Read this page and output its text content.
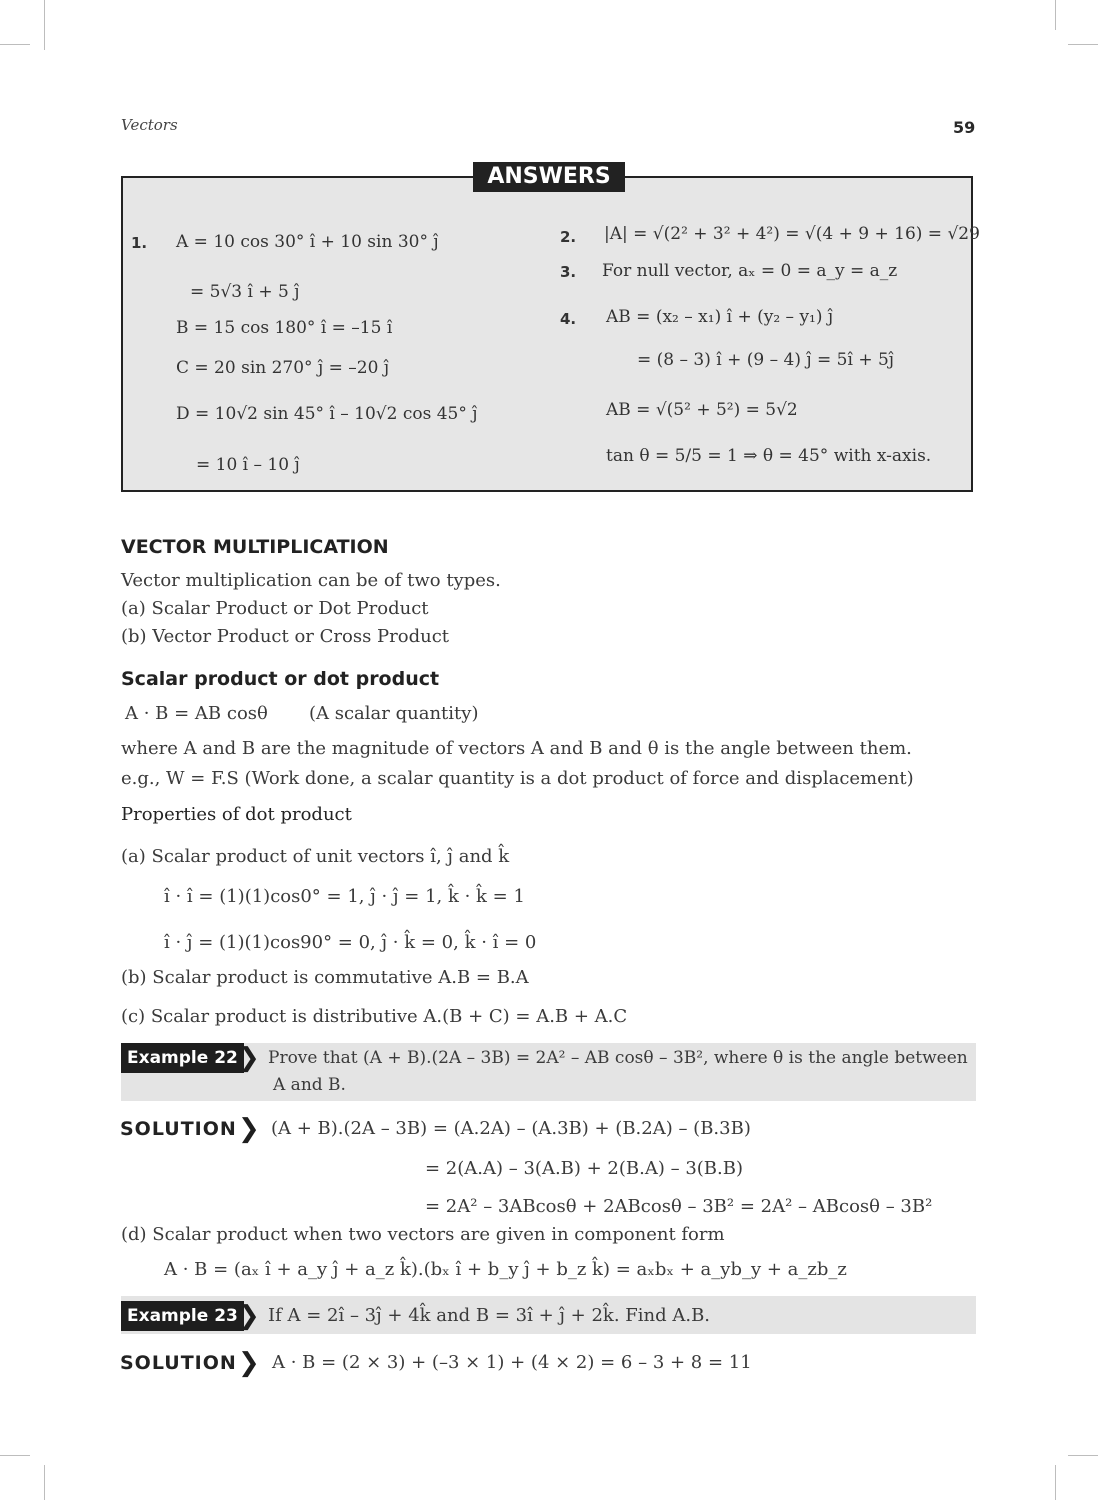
Vectors	59
ANSWERS
1. A = 10 cos 30° î + 10 sin 30° ĵ
= 5√3 î + 5 ĵ
B = 15 cos 180° î = –15 î
C = 20 sin 270° ĵ = –20 ĵ
D = 10√2 sin 45° î – 10√2 cos 45° ĵ
= 10 î – 10 ĵ
2. |A| = √(2² + 3² + 4²) = √(4 + 9 + 16) = √29
3. For null vector, aₓ = 0 = a_y = a_z
4. AB = (x₂ – x₁) î + (y₂ – y₁) ĵ
= (8 – 3) î + (9 – 4) ĵ = 5î + 5ĵ
AB = √(5² + 5²) = 5√2
tan θ = 5/5 = 1 ⇒ θ = 45° with x-axis.
VECTOR MULTIPLICATION
Vector multiplication can be of two types.
(a) Scalar Product or Dot Product
(b) Vector Product or Cross Product
Scalar product or dot product
A · B = AB cosθ (A scalar quantity)
where A and B are the magnitude of vectors A and B and θ is the angle between them.
e.g., W = F.S (Work done, a scalar quantity is a dot product of force and displacement)
Properties of dot product
(a) Scalar product of unit vectors î, ĵ and k̂
î · î = (1)(1)cos0° = 1, ĵ · ĵ = 1, k̂ · k̂ = 1
î · ĵ = (1)(1)cos90° = 0, ĵ · k̂ = 0, k̂ · î = 0
(b) Scalar product is commutative A.B = B.A
(c) Scalar product is distributive A.(B + C) = A.B + A.C
Example 22 ❯ Prove that (A + B).(2A – 3B) = 2A² – AB cosθ – 3B², where θ is the angle between
A and B.
SOLUTION ❯ (A + B).(2A – 3B) = (A.2A) – (A.3B) + (B.2A) – (B.3B)
= 2(A.A) – 3(A.B) + 2(B.A) – 3(B.B)
= 2A² – 3ABcosθ + 2ABcosθ – 3B² = 2A² – ABcosθ – 3B²
(d) Scalar product when two vectors are given in component form
A · B = (aₓ î + a_y ĵ + a_z k̂).(bₓ î + b_y ĵ + b_z k̂) = aₓbₓ + a_yb_y + a_zb_z
Example 23 ❯ If A = 2î – 3ĵ + 4k̂ and B = 3î + ĵ + 2k̂. Find A.B.
SOLUTION ❯ A · B = (2 × 3) + (–3 × 1) + (4 × 2) = 6 – 3 + 8 = 11
